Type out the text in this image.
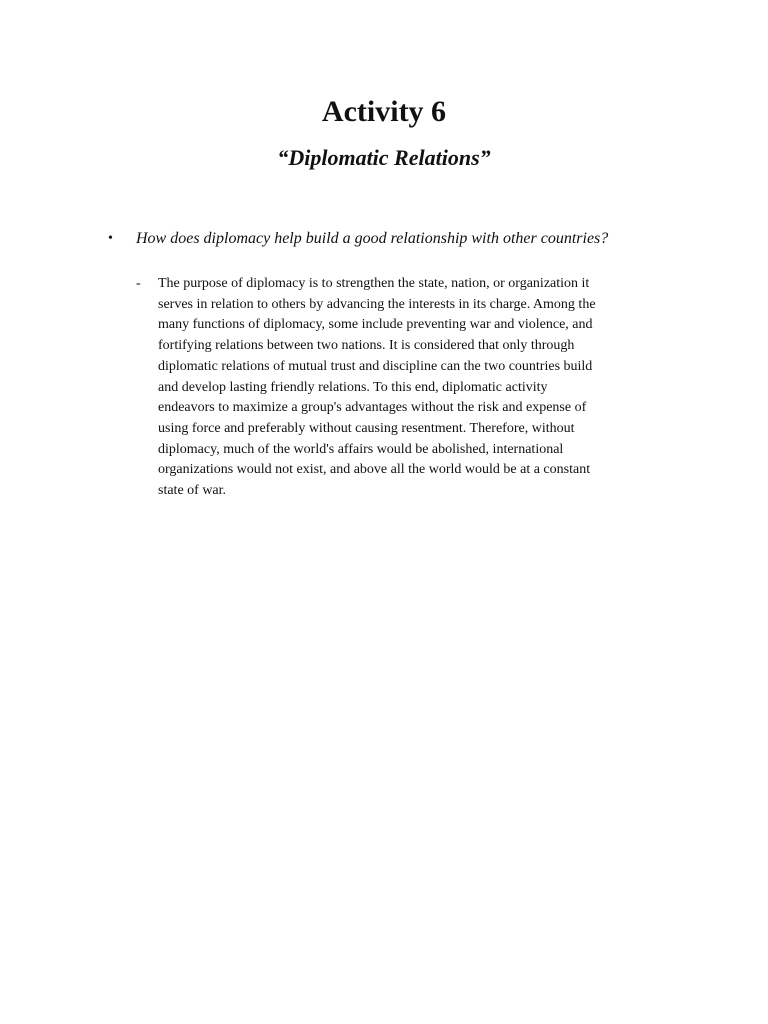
Activity 6
“Diplomatic Relations”
•	How does diplomacy help build a good relationship with other countries?
-	The purpose of diplomacy is to strengthen the state, nation, or organization it
serves in relation to others by advancing the interests in its charge. Among the
many functions of diplomacy, some include preventing war and violence, and
fortifying relations between two nations. It is considered that only through
diplomatic relations of mutual trust and discipline can the two countries build
and develop lasting friendly relations. To this end, diplomatic activity
endeavors to maximize a group's advantages without the risk and expense of
using force and preferably without causing resentment. Therefore, without
diplomacy, much of the world's affairs would be abolished, international
organizations would not exist, and above all the world would be at a constant
state of war.
